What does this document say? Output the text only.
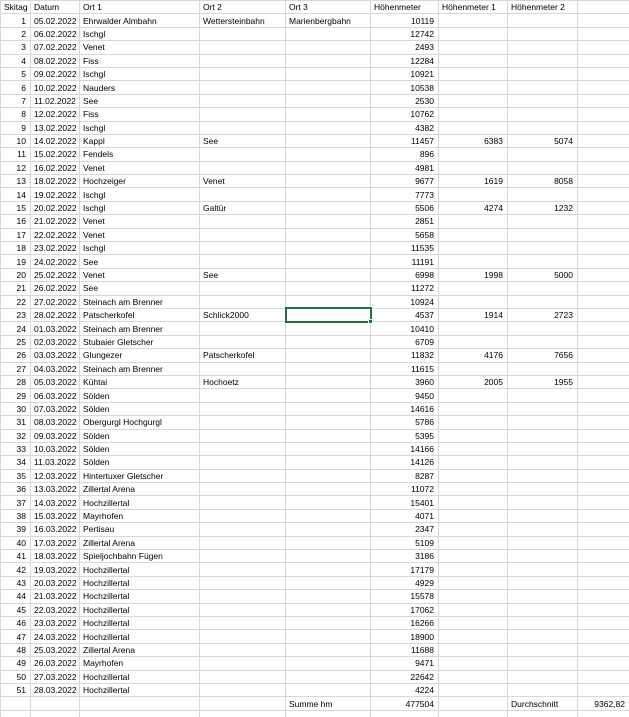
Skitag	Datum	Ort 1	Ort 2	Ort 3	Höhenmeter	Höhenmeter 1	Höhenmeter 2	
1	05.02.2022	Ehrwalder Almbahn	Wettersteinbahn	Marienbergbahn	10119			
2	06.02.2022	Ischgl			12742			
3	07.02.2022	Venet			2493			
4	08.02.2022	Fiss			12284			
5	09.02.2022	Ischgl			10921			
6	10.02.2022	Nauders			10538			
7	11.02.2022	See			2530			
8	12.02.2022	Fiss			10762			
9	13.02.2022	Ischgl			4382			
10	14.02.2022	Kappl	See		11457	6383	5074	
11	15.02.2022	Fendels			896			
12	16.02.2022	Venet			4981			
13	18.02.2022	Hochzeiger	Venet		9677	1619	8058	
14	19.02.2022	Ischgl			7773			
15	20.02.2022	Ischgl	Galtür		5506	4274	1232	
16	21.02.2022	Venet			2851			
17	22.02.2022	Venet			5658			
18	23.02.2022	Ischgl			11535			
19	24.02.2022	See			11191			
20	25.02.2022	Venet	See		6998	1998	5000	
21	26.02.2022	See			11272			
22	27.02.2022	Steinach am Brenner			10924			
23	28.02.2022	Patscherkofel	Schlick2000		4537	1914	2723	
24	01.03.2022	Steinach am Brenner			10410			
25	02.03.2022	Stubaier Gletscher			6709			
26	03.03.2022	Glungezer	Patscherkofel		11832	4176	7656	
27	04.03.2022	Steinach am Brenner			11615			
28	05.03.2022	Kühtai	Hochoetz		3960	2005	1955	
29	06.03.2022	Sölden			9450			
30	07.03.2022	Sölden			14616			
31	08.03.2022	Obergurgl Hochgurgl			5786			
32	09.03.2022	Sölden			5395			
33	10.03.2022	Sölden			14166			
34	11.03.2022	Sölden			14126			
35	12.03.2022	Hintertuxer Gletscher			8287			
36	13.03.2022	Zillertal Arena			11072			
37	14.03.2022	Hochzillertal			15401			
38	15.03.2022	Mayrhofen			4071			
39	16.03.2022	Pertisau			2347			
40	17.03.2022	Zillertal Arena			5109			
41	18.03.2022	Spieljochbahn Fügen			3186			
42	19.03.2022	Hochzillertal			17179			
43	20.03.2022	Hochzillertal			4929			
44	21.03.2022	Hochzillertal			15578			
45	22.03.2022	Hochzillertal			17062			
46	23.03.2022	Hochzillertal			16266			
47	24.03.2022	Hochzillertal			18900			
48	25.03.2022	Zillertal Arena			11688			
49	26.03.2022	Mayrhofen			9471			
50	27.03.2022	Hochzillertal			22642			
51	28.03.2022	Hochzillertal			4224			
				Summe hm	477504		Durchschnitt	9362,82
